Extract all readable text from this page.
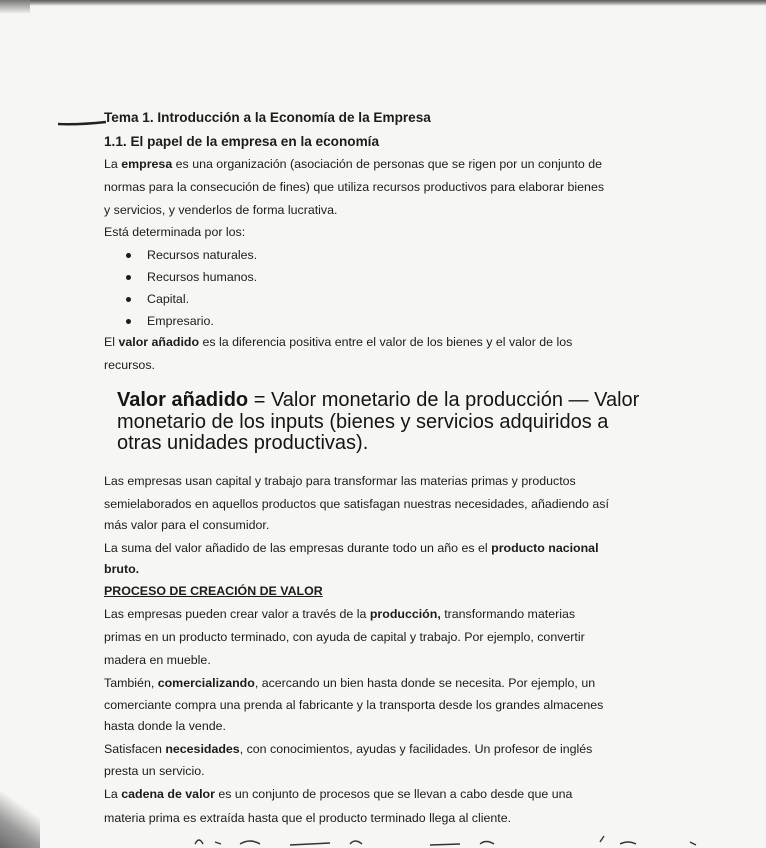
Tema 1. Introducción a la Economía de la Empresa
1.1. El papel de la empresa en la economía
La empresa es una organización (asociación de personas que se rigen por un conjunto de
normas para la consecución de fines) que utiliza recursos productivos para elaborar bienes
y servicios, y venderlos de forma lucrativa.
Está determinada por los:
Recursos naturales.
Recursos humanos.
Capital.
Empresario.
El valor añadido es la diferencia positiva entre el valor de los bienes y el valor de los
recursos.
Valor añadido = Valor monetario de la producción — Valor
monetario de los inputs (bienes y servicios adquiridos a
otras unidades productivas).
Las empresas usan capital y trabajo para transformar las materias primas y productos
semielaborados en aquellos productos que satisfagan nuestras necesidades, añadiendo así
más valor para el consumidor.
La suma del valor añadido de las empresas durante todo un año es el producto nacional
bruto.
PROCESO DE CREACIÓN DE VALOR
Las empresas pueden crear valor a través de la producción, transformando materias
primas en un producto terminado, con ayuda de capital y trabajo. Por ejemplo, convertir
madera en mueble.
También, comercializando, acercando un bien hasta donde se necesita. Por ejemplo, un
comerciante compra una prenda al fabricante y la transporta desde los grandes almacenes
hasta donde la vende.
Satisfacen necesidades, con conocimientos, ayudas y facilidades. Un profesor de inglés
presta un servicio.
La cadena de valor es un conjunto de procesos que se llevan a cabo desde que una
materia prima es extraída hasta que el producto terminado llega al cliente.
